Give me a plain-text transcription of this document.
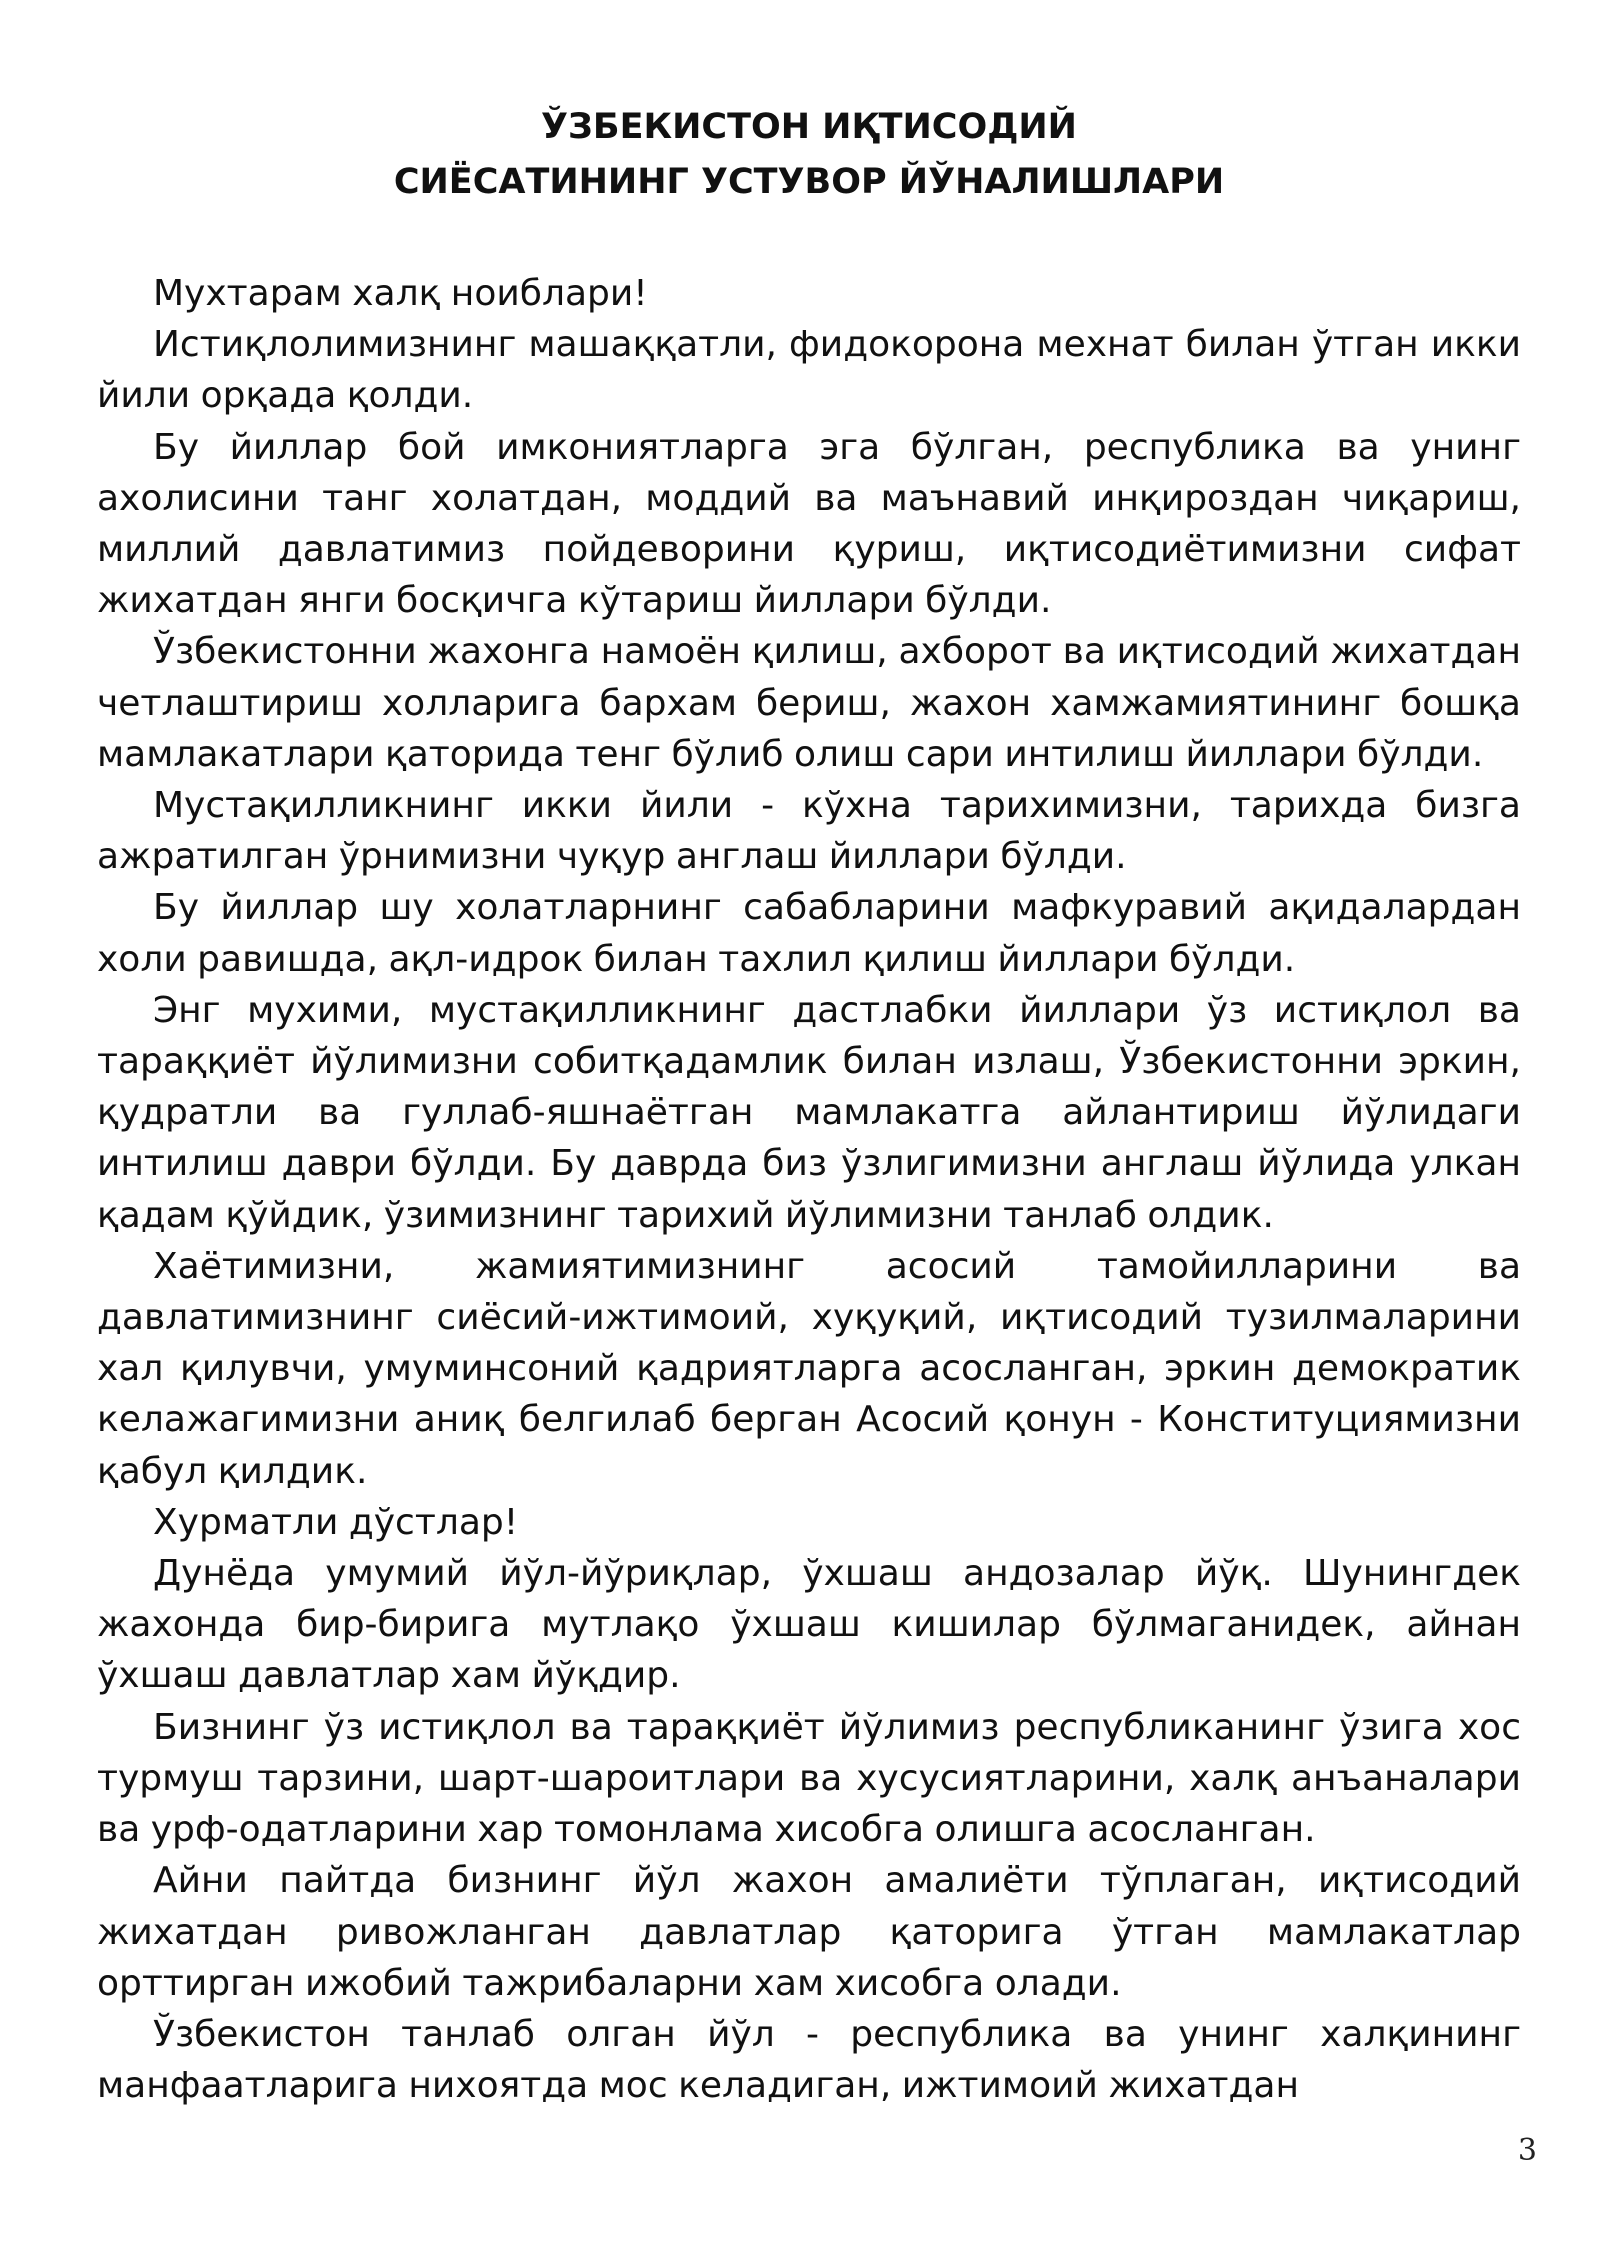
ЎЗБЕКИСТОН ИҚТИСОДИЙ
СИЁСАТИНИНГ УСТУВОР ЙЎНАЛИШЛАРИ

Мухтарам халқ ноиблари!

Истиқлолимизнинг машаққатли, фидокорона мехнат билан ўтган икки йили орқада қолди.

Бу йиллар бой имкониятларга эга бўлган, республика ва унинг ахолисини танг холатдан, моддий ва маънавий инқироздан чиқариш, миллий давлатимиз пойдеворини қуриш, иқтисодиётимизни сифат жихатдан янги босқичга кўтариш йиллари бўлди.

Ўзбекистонни жахонга намоён қилиш, ахборот ва иқтисодий жихатдан четлаштириш холларига бархам бериш, жахон хамжамиятининг бошқа мамлакатлари қаторида тенг бўлиб олиш сари интилиш йиллари бўлди.

Мустақилликнинг икки йили - кўхна тарихимизни, тарихда бизга ажратилган ўрнимизни чуқур англаш йиллари бўлди.

Бу йиллар шу холатларнинг сабабларини мафкуравий ақидалардан холи равишда, ақл-идрок билан тахлил қилиш йиллари бўлди.

Энг мухими, мустақилликнинг дастлабки йиллари ўз истиқлол ва тараққиёт йўлимизни собитқадамлик билан излаш, Ўзбекистонни эркин, қудратли ва гуллаб-яшнаётган мамлакатга айлантириш йўлидаги интилиш даври бўлди. Бу даврда биз ўзлигимизни англаш йўлида улкан қадам қўйдик, ўзимизнинг тарихий йўлимизни танлаб олдик.

Хаётимизни, жамиятимизнинг асосий тамойилларини ва давлатимизнинг сиёсий-ижтимоий, хуқуқий, иқтисодий тузилмаларини хал қилувчи, умуминсоний қадриятларга асосланган, эркин демократик келажагимизни аниқ белгилаб берган Асосий қонун - Конституциямизни қабул қилдик.

Хурматли дўстлар!

Дунёда умумий йўл-йўриқлар, ўхшаш андозалар йўқ. Шунингдек жахонда бир-бирига мутлақо ўхшаш кишилар бўлмаганидек, айнан ўхшаш давлатлар хам йўқдир.

Бизнинг ўз истиқлол ва тараққиёт йўлимиз республиканинг ўзига хос турмуш тарзини, шарт-шароитлари ва хусусиятларини, халқ анъаналари ва урф-одатларини хар томонлама хисобга олишга асосланган.

Айни пайтда бизнинг йўл жахон амалиёти тўплаган, иқтисодий жихатдан ривожланган давлатлар қаторига ўтган мамлакатлар орттирган ижобий тажрибаларни хам хисобга олади.

Ўзбекистон танлаб олган йўл - республика ва унинг халқининг манфаатларига нихоятда мос келадиган, ижтимоий жихатдан

3
